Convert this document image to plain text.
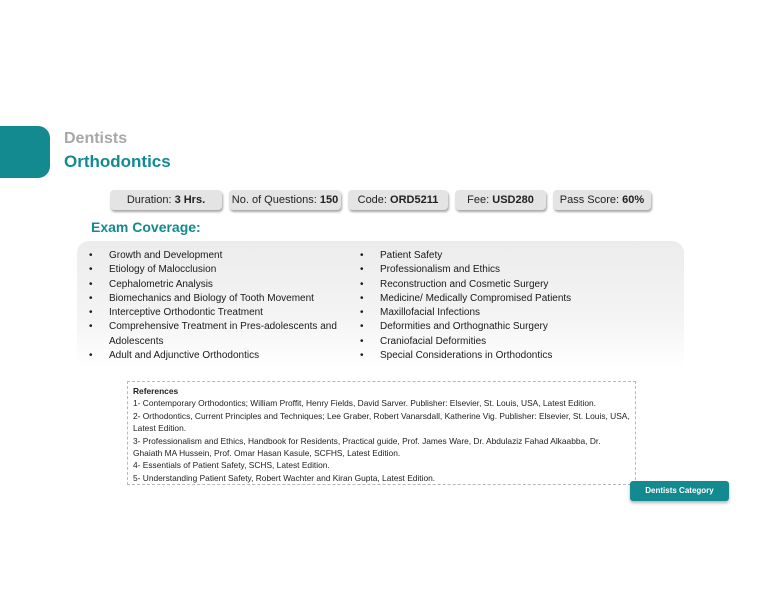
Dentists
Orthodontics
Duration: 3 Hrs.	No. of Questions: 150	Code: ORD5211	Fee: USD280	Pass Score: 60%
Exam Coverage:
• Growth and Development
• Etiology of Malocclusion
• Cephalometric Analysis
• Biomechanics and Biology of Tooth Movement
• Interceptive Orthodontic Treatment
• Comprehensive Treatment in Pres-adolescents and Adolescents
• Adult and Adjunctive Orthodontics
• Patient Safety
• Professionalism and Ethics
• Reconstruction and Cosmetic Surgery
• Medicine/ Medically Compromised Patients
• Maxillofacial Infections
• Deformities and Orthognathic Surgery
• Craniofacial Deformities
• Special Considerations in Orthodontics
References
1- Contemporary Orthodontics; William Proffit, Henry Fields, David Sarver. Publisher: Elsevier, St. Louis, USA, Latest Edition.
2- Orthodontics, Current Principles and Techniques; Lee Graber, Robert Vanarsdall, Katherine Vig. Publisher: Elsevier, St. Louis, USA, Latest Edition.
3- Professionalism and Ethics, Handbook for Residents, Practical guide, Prof. James Ware, Dr. Abdulaziz Fahad Alkaabba, Dr. Ghaiath MA Hussein, Prof. Omar Hasan Kasule, SCFHS, Latest Edition.
4- Essentials of Patient Safety, SCHS, Latest Edition.
5- Understanding Patient Safety, Robert Wachter and Kiran Gupta, Latest Edition.
Dentists Category
